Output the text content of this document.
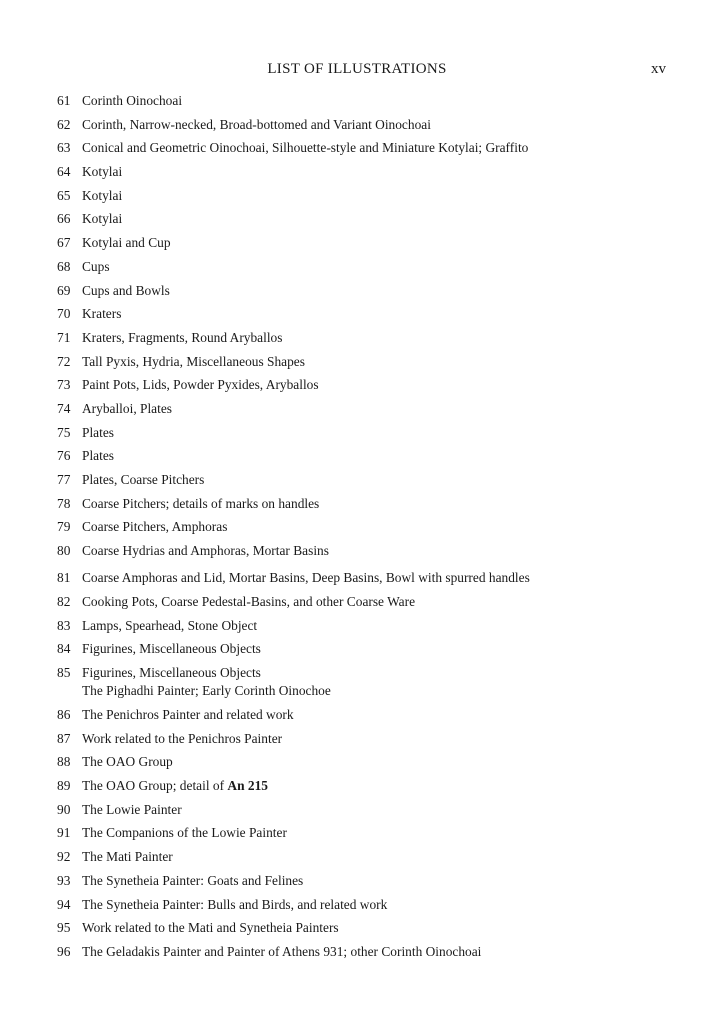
LIST OF ILLUSTRATIONS	xv
61 Corinth Oinochoai
62 Corinth, Narrow-necked, Broad-bottomed and Variant Oinochoai
63 Conical and Geometric Oinochoai, Silhouette-style and Miniature Kotylai; Graffito
64 Kotylai
65 Kotylai
66 Kotylai
67 Kotylai and Cup
68 Cups
69 Cups and Bowls
70 Kraters
71 Kraters, Fragments, Round Aryballos
72 Tall Pyxis, Hydria, Miscellaneous Shapes
73 Paint Pots, Lids, Powder Pyxides, Aryballos
74 Aryballoi, Plates
75 Plates
76 Plates
77 Plates, Coarse Pitchers
78 Coarse Pitchers; details of marks on handles
79 Coarse Pitchers, Amphoras
80 Coarse Hydrias and Amphoras, Mortar Basins
81 Coarse Amphoras and Lid, Mortar Basins, Deep Basins, Bowl with spurred handles
82 Cooking Pots, Coarse Pedestal-Basins, and other Coarse Ware
83 Lamps, Spearhead, Stone Object
84 Figurines, Miscellaneous Objects
85 Figurines, Miscellaneous Objects
The Pighadhi Painter; Early Corinth Oinochoe
86 The Penichros Painter and related work
87 Work related to the Penichros Painter
88 The OAO Group
89 The OAO Group; detail of An 215
90 The Lowie Painter
91 The Companions of the Lowie Painter
92 The Mati Painter
93 The Synetheia Painter: Goats and Felines
94 The Synetheia Painter: Bulls and Birds, and related work
95 Work related to the Mati and Synetheia Painters
96 The Geladakis Painter and Painter of Athens 931; other Corinth Oinochoai
